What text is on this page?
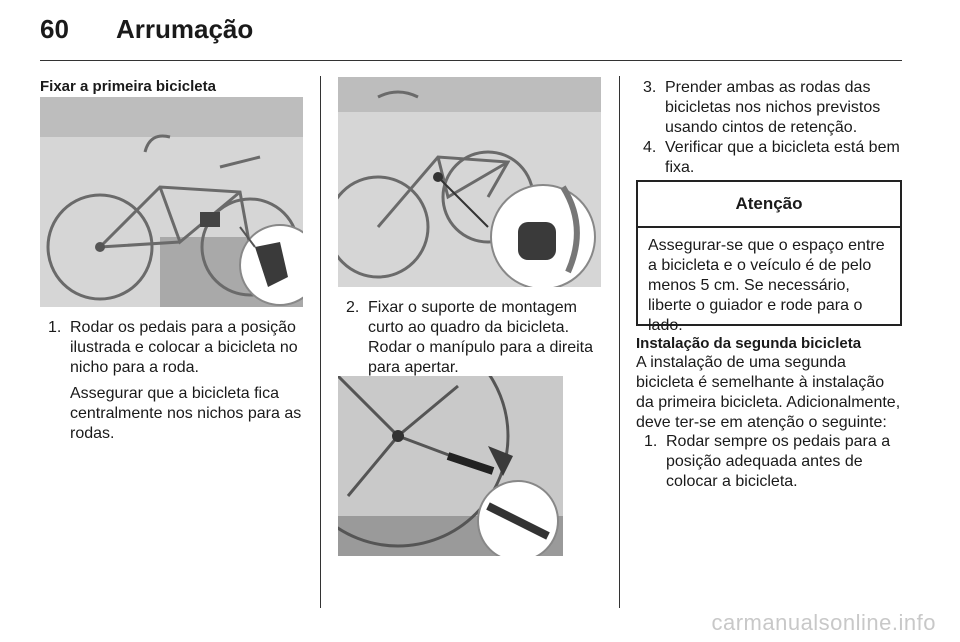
60 Arrumação
Fixar a primeira bicicleta
1. Rodar os pedais para a posição ilustrada e colocar a bicicleta no nicho para a roda.
Assegurar que a bicicleta fica centralmente nos nichos para as rodas.
2. Fixar o suporte de montagem curto ao quadro da bicicleta. Rodar o manípulo para a direita para apertar.
3. Prender ambas as rodas das bicicletas nos nichos previstos usando cintos de retenção.
4. Verificar que a bicicleta está bem fixa.
Atenção
Assegurar-se que o espaço entre a bicicleta e o veículo é de pelo menos 5 cm. Se necessário, liberte o guiador e rode para o lado.
Instalação da segunda bicicleta
A instalação de uma segunda bicicleta é semelhante à instalação da primeira bicicleta. Adicionalmente, deve ter-se em atenção o seguinte:
1. Rodar sempre os pedais para a posição adequada antes de colocar a bicicleta.
carmanualsonline.info
